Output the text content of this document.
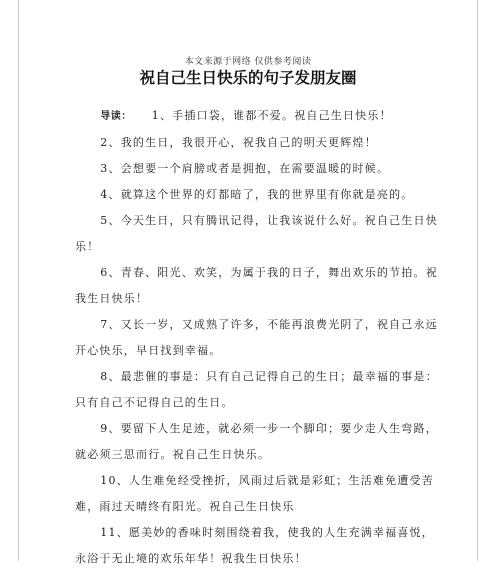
本文来源于网络 仅供参考阅读
祝自己生日快乐的句子发朋友圈

导读： 1、手插口袋，谁都不爱。祝自己生日快乐！

2、我的生日，我很开心，祝我自己的明天更辉煌！

3、会想要一个肩膀或者是拥抱，在需要温暖的时候。

4、就算这个世界的灯都暗了，我的世界里有你就是亮的。

5、今天生日，只有腾讯记得，让我该说什么好。祝自己生日快乐！

6、青春、阳光、欢笑，为属于我的日子，舞出欢乐的节拍。祝我生日快乐！

7、又长一岁，又成熟了许多，不能再浪费光阴了，祝自己永远开心快乐，早日找到幸福。

8、最悲催的事是：只有自己记得自己的生日；最幸福的事是：只有自己不记得自己的生日。

9、要留下人生足迹，就必须一步一个脚印；要少走人生弯路，就必须三思而行。祝自己生日快乐。

10、人生难免经受挫折，风雨过后就是彩虹；生活难免遭受苦难，雨过天晴终有阳光。祝自己生日快乐

11、愿美妙的香味时刻围绕着我，使我的人生充满幸福喜悦，永浴于无止境的欢乐年华！祝我生日快乐！
